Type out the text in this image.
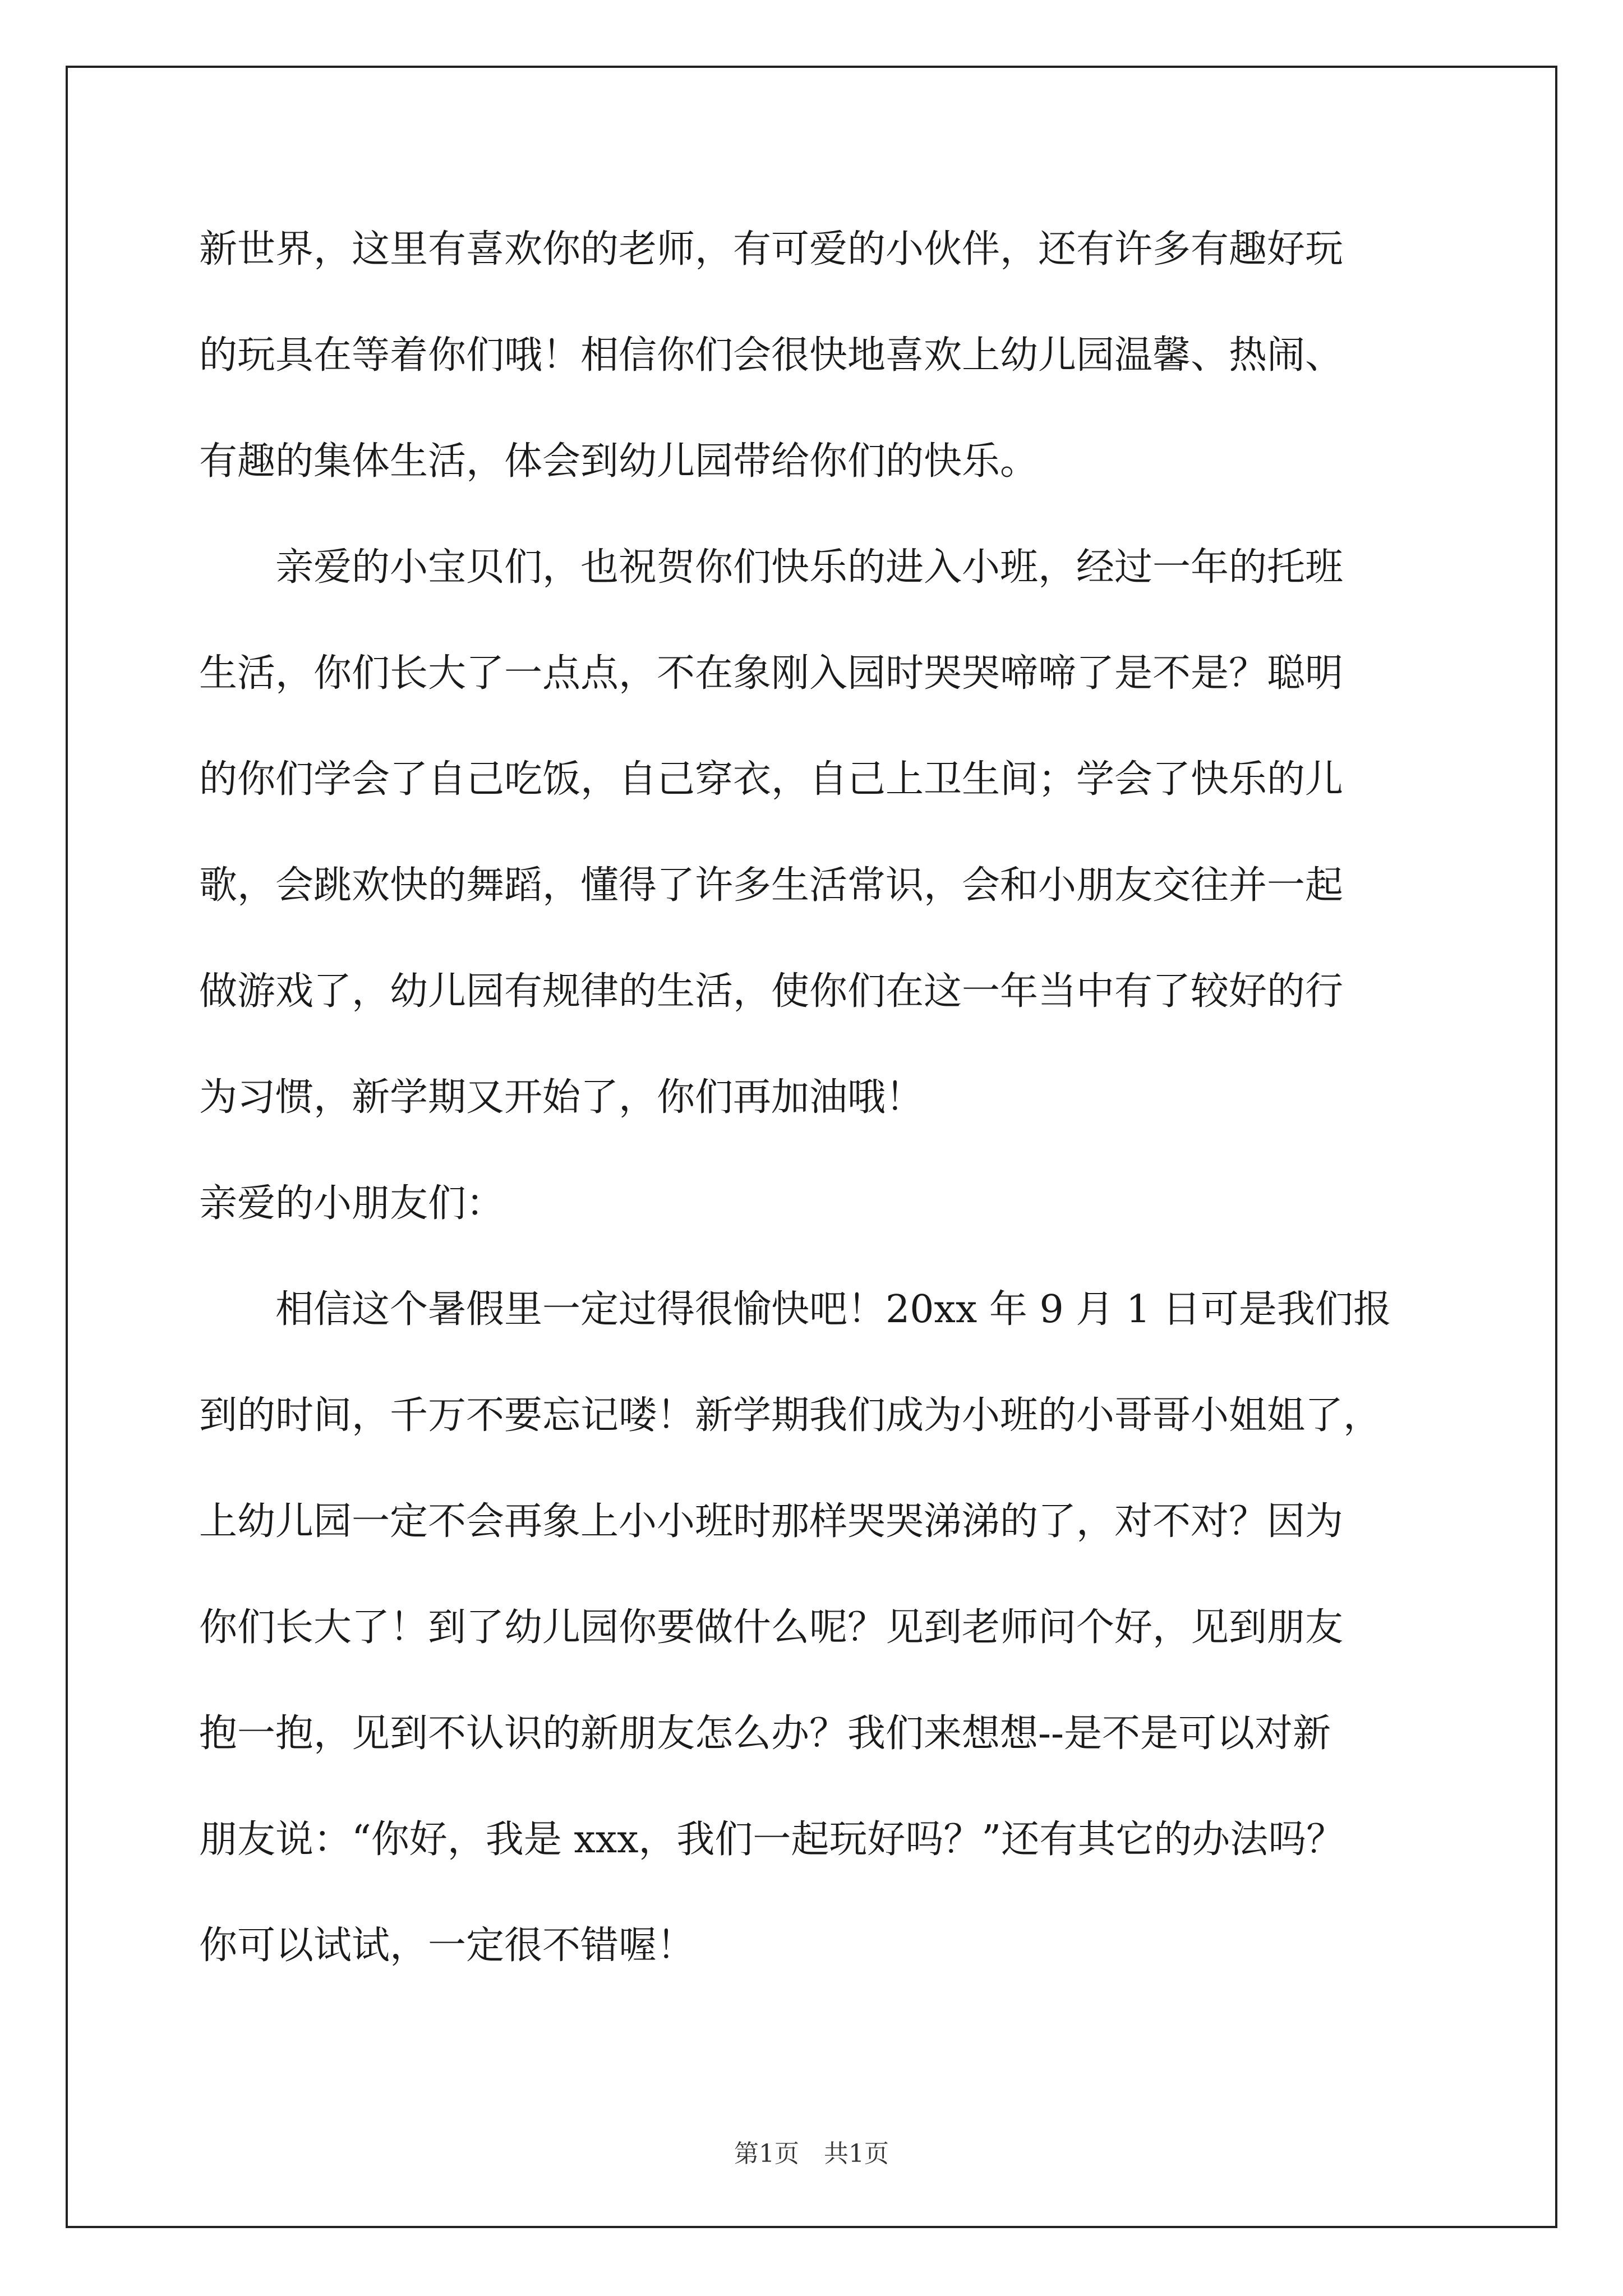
新世界，这里有喜欢你的老师，有可爱的小伙伴，还有许多有趣好玩
的玩具在等着你们哦！相信你们会很快地喜欢上幼儿园温馨、热闹、
有趣的集体生活，体会到幼儿园带给你们的快乐。
　　亲爱的小宝贝们，也祝贺你们快乐的进入小班，经过一年的托班
生活，你们长大了一点点，不在象刚入园时哭哭啼啼了是不是？聪明
的你们学会了自己吃饭，自己穿衣，自己上卫生间；学会了快乐的儿
歌，会跳欢快的舞蹈，懂得了许多生活常识，会和小朋友交往并一起
做游戏了，幼儿园有规律的生活，使你们在这一年当中有了较好的行
为习惯，新学期又开始了，你们再加油哦！
亲爱的小朋友们：
　　相信这个暑假里一定过得很愉快吧！20xx 年 9 月 1 日可是我们报
到的时间，千万不要忘记喽！新学期我们成为小班的小哥哥小姐姐了，
上幼儿园一定不会再象上小小班时那样哭哭涕涕的了，对不对？因为
你们长大了！到了幼儿园你要做什么呢？见到老师问个好，见到朋友
抱一抱，见到不认识的新朋友怎么办？我们来想想--是不是可以对新
朋友说：“你好，我是 xxx，我们一起玩好吗？”还有其它的办法吗？
你可以试试，一定很不错喔！
第1页　共1页
